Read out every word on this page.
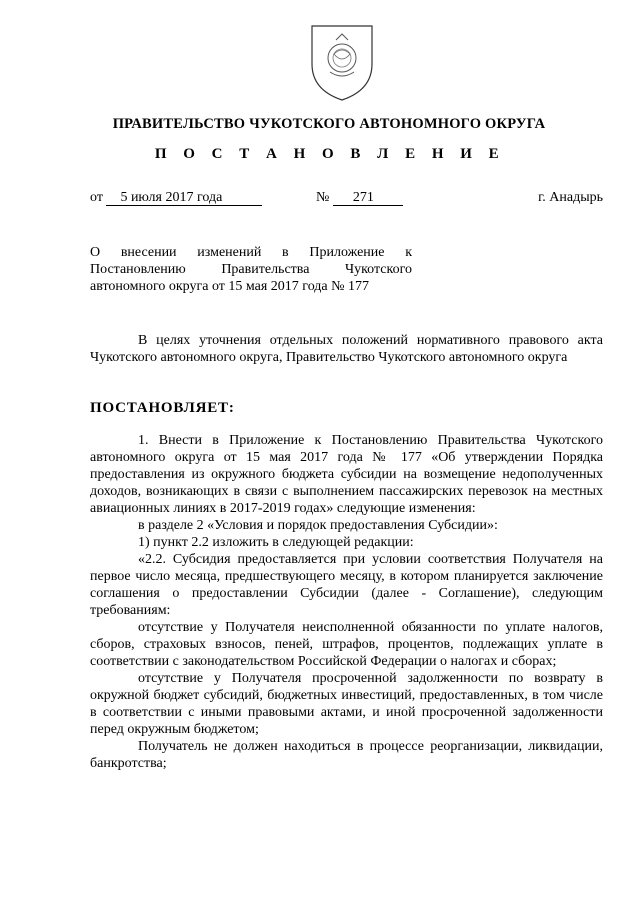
ПРАВИТЕЛЬСТВО ЧУКОТСКОГО АВТОНОМНОГО ОКРУГА
П О С Т А Н О В Л Е Н И Е
от 5 июля 2017 года	№ 271	г. Анадырь
О внесении изменений в Приложение к Постановлению Правительства Чукотского
автономного округа от 15 мая 2017 года № 177
В целях уточнения отдельных положений нормативного правового акта Чукотского автономного округа, Правительство Чукотского автономного округа
ПОСТАНОВЛЯЕТ:

1. Внести в Приложение к Постановлению Правительства Чукотского автономного округа от 15 мая 2017 года № 177 «Об утверждении Порядка предоставления из окружного бюджета субсидии на возмещение недополученных доходов, возникающих в связи с выполнением пассажирских перевозок на местных авиационных линиях в 2017-2019 годах» следующие изменения:

в разделе 2 «Условия и порядок предоставления Субсидии»:

1) пункт 2.2 изложить в следующей редакции:

«2.2. Субсидия предоставляется при условии соответствия Получателя на первое число месяца, предшествующего месяцу, в котором планируется заключение соглашения о предоставлении Субсидии (далее - Соглашение), следующим требованиям:

отсутствие у Получателя неисполненной обязанности по уплате налогов, сборов, страховых взносов, пеней, штрафов, процентов, подлежащих уплате в соответствии с законодательством Российской Федерации о налогах и сборах;

отсутствие у Получателя просроченной задолженности по возврату в окружной бюджет субсидий, бюджетных инвестиций, предоставленных, в том числе в соответствии с иными правовыми актами, и иной просроченной задолженности перед окружным бюджетом;

Получатель не должен находиться в процессе реорганизации, ликвидации, банкротства;
